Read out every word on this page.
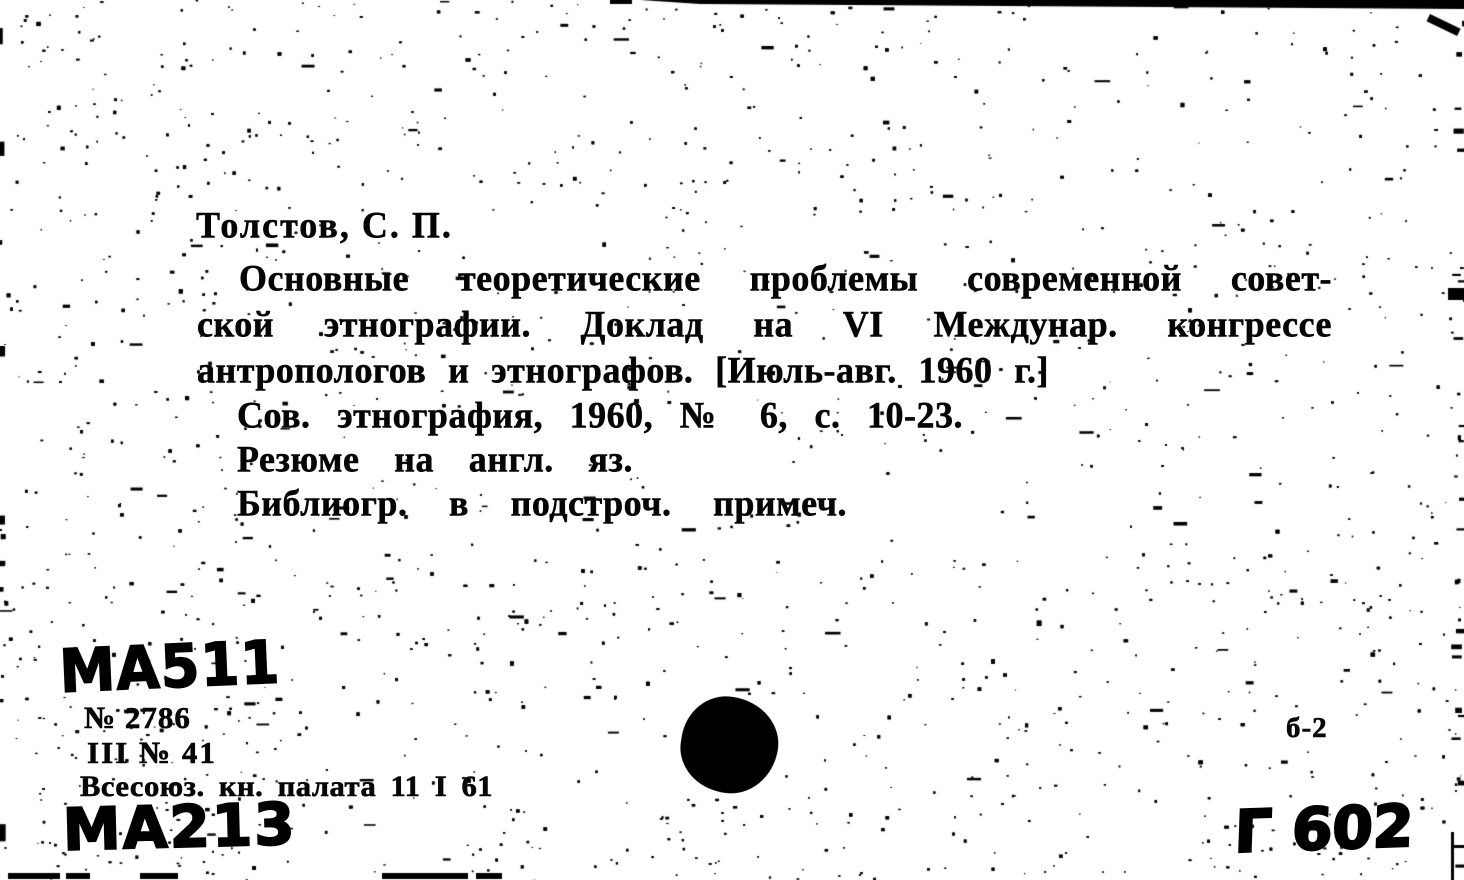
Толстов, С. П.
Основные теоретические проблемы современной совет-
ской этнографии. Доклад на VI Междунар. конгрессе
антропологов и этнографов. [Июль-авг. 1960 г.]
Сов. этнография, 1960, № 6, с. 10-23.
Резюме на англ. яз.
Библиогр. в подстроч. примеч.
МА511
№ 2786
III № 41
Всесоюз. кн. палата 11 I 61
МА213
б-2
Г 602
